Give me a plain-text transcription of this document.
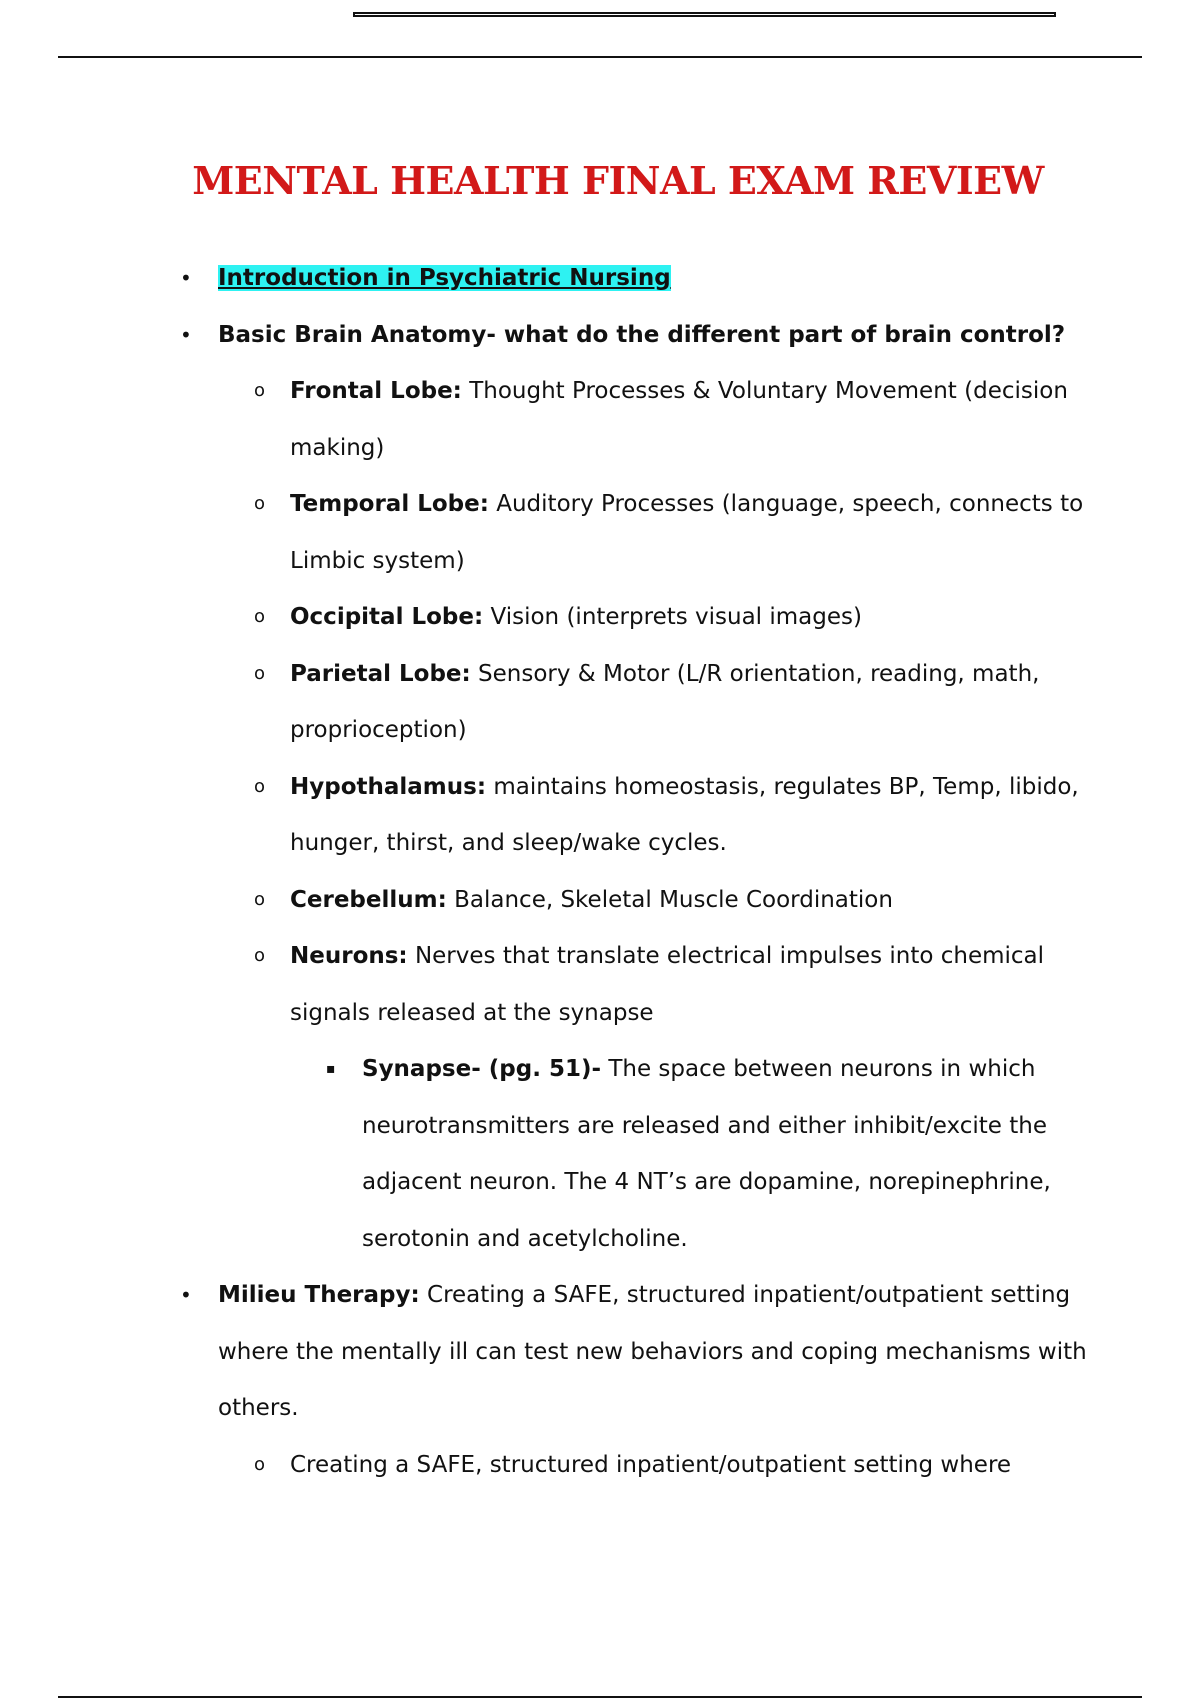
MENTAL HEALTH FINAL EXAM REVIEW
• Introduction in Psychiatric Nursing
• Basic Brain Anatomy- what do the different part of brain control?
o Frontal Lobe: Thought Processes & Voluntary Movement (decision making)
o Temporal Lobe: Auditory Processes (language, speech, connects to Limbic system)
o Occipital Lobe: Vision (interprets visual images)
o Parietal Lobe: Sensory & Motor (L/R orientation, reading, math, proprioception)
o Hypothalamus: maintains homeostasis, regulates BP, Temp, libido, hunger, thirst, and sleep/wake cycles.
o Cerebellum: Balance, Skeletal Muscle Coordination
o Neurons: Nerves that translate electrical impulses into chemical signals released at the synapse
▪ Synapse- (pg. 51)- The space between neurons in which neurotransmitters are released and either inhibit/excite the adjacent neuron. The 4 NT’s are dopamine, norepinephrine, serotonin and acetylcholine.
• Milieu Therapy: Creating a SAFE, structured inpatient/outpatient setting where the mentally ill can test new behaviors and coping mechanisms with others.
o Creating a SAFE, structured inpatient/outpatient setting where
